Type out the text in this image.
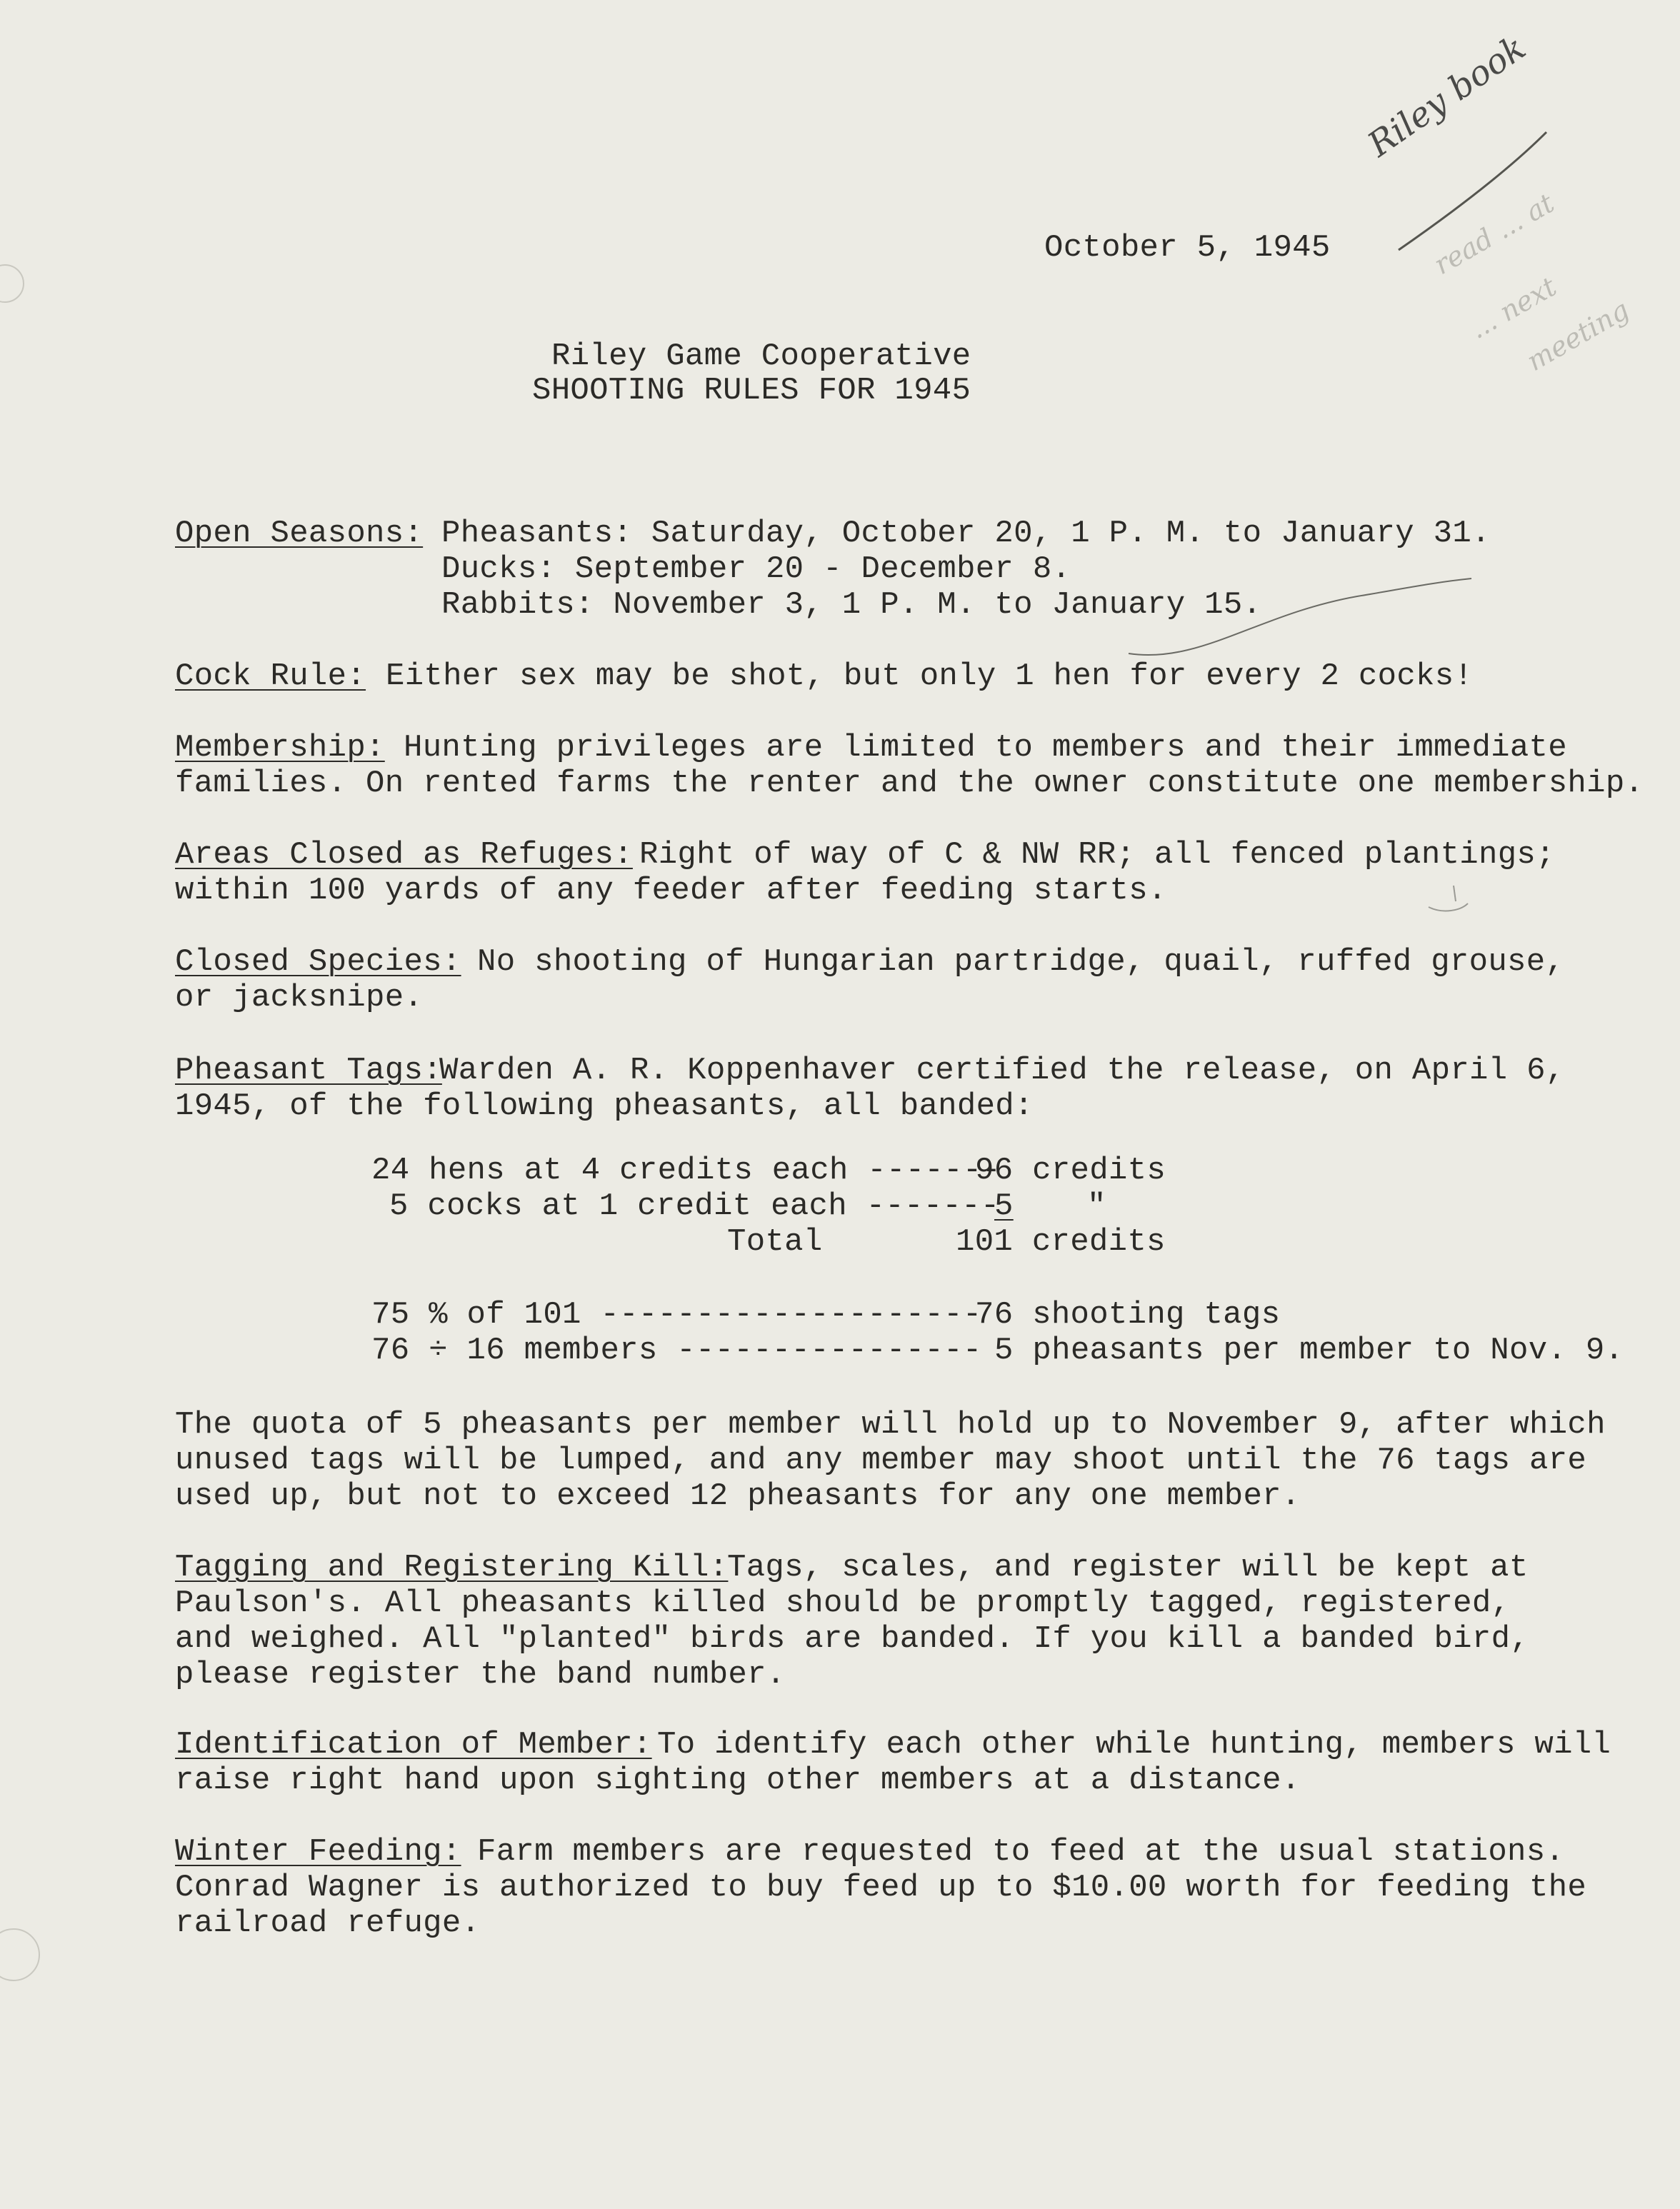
Riley book
read ... at
... next
meeting

October 5, 1945

Riley Game Cooperative

SHOOTING RULES FOR 1945

Open Seasons: Pheasants: Saturday, October 20, 1 P. M. to January 31.

Ducks: September 20 - December 8.

Rabbits: November 3, 1 P. M. to January 15.

Cock Rule: Either sex may be shot, but only 1 hen for every 2 cocks!

Membership: Hunting privileges are limited to members and their immediate

families. On rented farms the renter and the owner constitute one membership.

Areas Closed as Refuges: Right of way of C & NW RR; all fenced plantings;

within 100 yards of any feeder after feeding starts.

Closed Species: No shooting of Hungarian partridge, quail, ruffed grouse,

or jacksnipe.

Pheasant Tags:

Warden A. R. Koppenhaver certified the release, on April 6,

1945, of the following pheasants, all banded:

24 hens at 4 credits each -------

96 credits

5 cocks at 1 credit each -------

5 "

Total	101 credits

75 % of 101 --------------------

76 shooting tags

76 ÷ 16 members ---------------- 5 pheasants per member to Nov. 9.

The quota of 5 pheasants per member will hold up to November 9, after which

unused tags will be lumped, and any member may shoot until the 76 tags are

used up, but not to exceed 12 pheasants for any one member.

Tagging and Registering Kill:

Tags, scales, and register will be kept at

Paulson's. All pheasants killed should be promptly tagged, registered,

and weighed. All "planted" birds are banded. If you kill a banded bird,

please register the band number.

Identification of Member: To identify each other while hunting, members will

raise right hand upon sighting other members at a distance.

Winter Feeding: Farm members are requested to feed at the usual stations.

Conrad Wagner is authorized to buy feed up to $10.00 worth for feeding the

railroad refuge.
